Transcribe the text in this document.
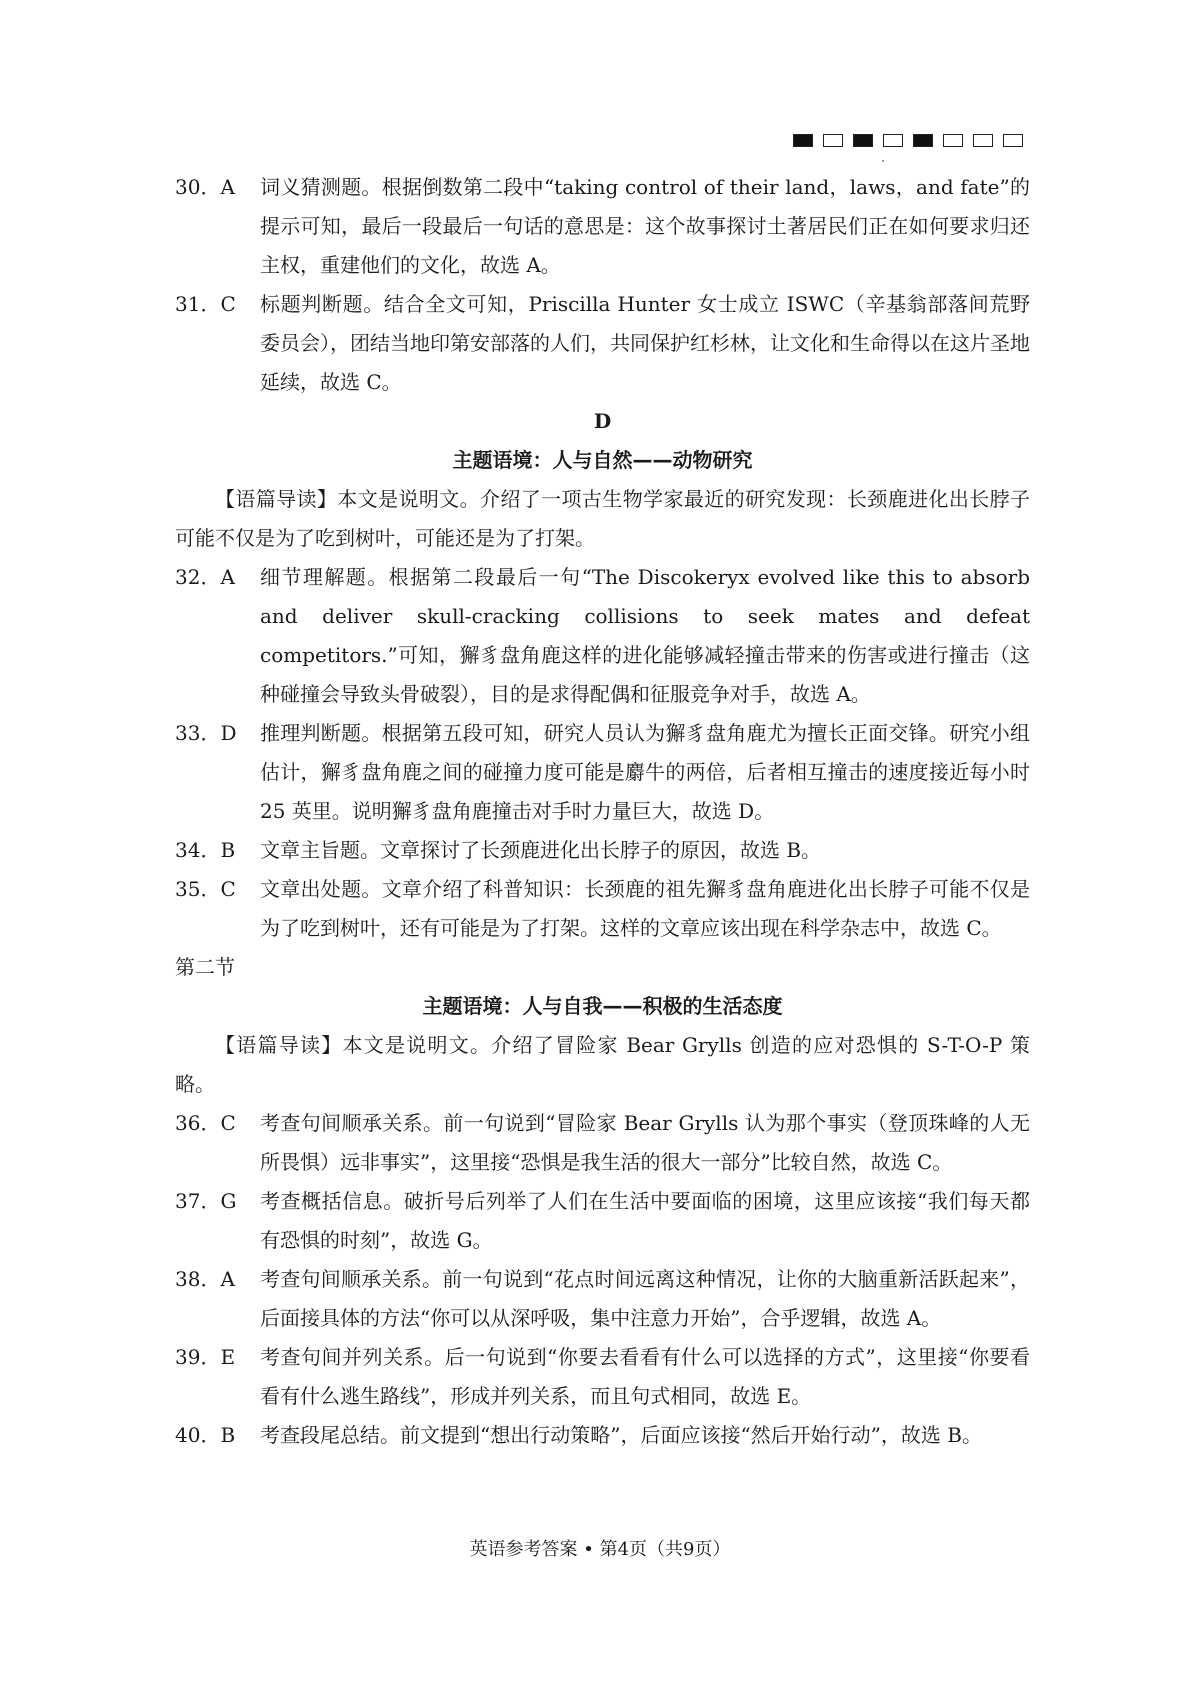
30．A 词义猜测题。根据倒数第二段中“taking control of their land，laws，and fate”的提示可知，最后一段最后一句话的意思是：这个故事探讨土著居民们正在如何要求归还主权，重建他们的文化，故选 A。
31．C 标题判断题。结合全文可知，Priscilla Hunter 女士成立 ISWC（辛基翁部落间荒野委员会），团结当地印第安部落的人们，共同保护红杉林，让文化和生命得以在这片圣地延续，故选 C。
D
主题语境：人与自然——动物研究
【语篇导读】本文是说明文。介绍了一项古生物学家最近的研究发现：长颈鹿进化出长脖子可能不仅是为了吃到树叶，可能还是为了打架。
32．A 细节理解题。根据第二段最后一句“The Discokeryx evolved like this to absorb and deliver skull-cracking collisions to seek mates and defeat competitors.”可知，獬豸盘角鹿这样的进化能够减轻撞击带来的伤害或进行撞击（这种碰撞会导致头骨破裂），目的是求得配偶和征服竞争对手，故选 A。
33．D 推理判断题。根据第五段可知，研究人员认为獬豸盘角鹿尤为擅长正面交锋。研究小组估计，獬豸盘角鹿之间的碰撞力度可能是麝牛的两倍，后者相互撞击的速度接近每小时 25 英里。说明獬豸盘角鹿撞击对手时力量巨大，故选 D。
34．B 文章主旨题。文章探讨了长颈鹿进化出长脖子的原因，故选 B。
35．C 文章出处题。文章介绍了科普知识：长颈鹿的祖先獬豸盘角鹿进化出长脖子可能不仅是为了吃到树叶，还有可能是为了打架。这样的文章应该出现在科学杂志中，故选 C。
第二节
主题语境：人与自我——积极的生活态度
【语篇导读】本文是说明文。介绍了冒险家 Bear Grylls 创造的应对恐惧的 S-T-O-P 策略。
36．C 考查句间顺承关系。前一句说到“冒险家 Bear Grylls 认为那个事实（登顶珠峰的人无所畏惧）远非事实”，这里接“恐惧是我生活的很大一部分”比较自然，故选 C。
37．G 考查概括信息。破折号后列举了人们在生活中要面临的困境，这里应该接“我们每天都有恐惧的时刻”，故选 G。
38．A 考查句间顺承关系。前一句说到“花点时间远离这种情况，让你的大脑重新活跃起来”，后面接具体的方法“你可以从深呼吸，集中注意力开始”，合乎逻辑，故选 A。
39．E 考查句间并列关系。后一句说到“你要去看看有什么可以选择的方式”，这里接“你要看看有什么逃生路线”，形成并列关系，而且句式相同，故选 E。
40．B 考查段尾总结。前文提到“想出行动策略”，后面应该接“然后开始行动”，故选 B。
英语参考答案 • 第4页（共9页）
